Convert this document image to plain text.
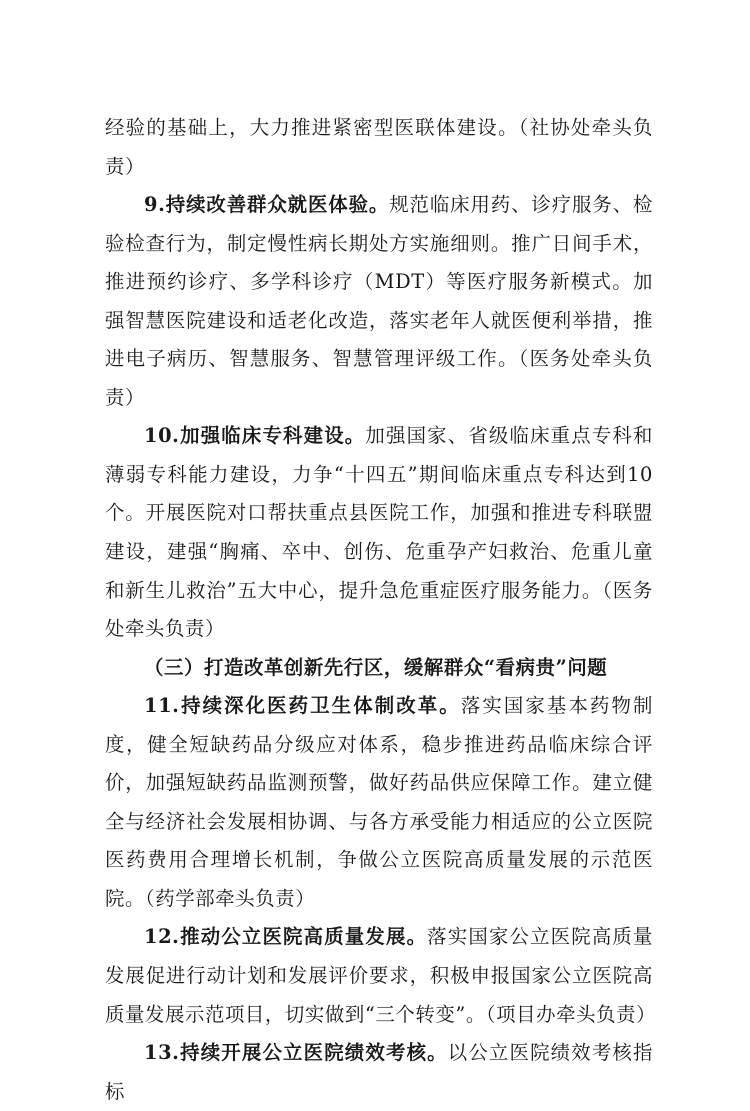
经验的基础上，大力推进紧密型医联体建设。（社协处牵头负责）

9.持续改善群众就医体验。规范临床用药、诊疗服务、检验检查行为，制定慢性病长期处方实施细则。推广日间手术，推进预约诊疗、多学科诊疗（MDT）等医疗服务新模式。加强智慧医院建设和适老化改造，落实老年人就医便利举措，推进电子病历、智慧服务、智慧管理评级工作。（医务处牵头负责）

10.加强临床专科建设。加强国家、省级临床重点专科和薄弱专科能力建设，力争“十四五”期间临床重点专科达到10个。开展医院对口帮扶重点县医院工作，加强和推进专科联盟建设，建强“胸痛、卒中、创伤、危重孕产妇救治、危重儿童和新生儿救治”五大中心，提升急危重症医疗服务能力。（医务处牵头负责）

（三）打造改革创新先行区，缓解群众“看病贵”问题

11.持续深化医药卫生体制改革。落实国家基本药物制度，健全短缺药品分级应对体系，稳步推进药品临床综合评价，加强短缺药品监测预警，做好药品供应保障工作。建立健全与经济社会发展相协调、与各方承受能力相适应的公立医院医药费用合理增长机制，争做公立医院高质量发展的示范医院。（药学部牵头负责）

12.推动公立医院高质量发展。落实国家公立医院高质量发展促进行动计划和发展评价要求，积极申报国家公立医院高质量发展示范项目，切实做到“三个转变”。（项目办牵头负责）

13.持续开展公立医院绩效考核。以公立医院绩效考核指标
